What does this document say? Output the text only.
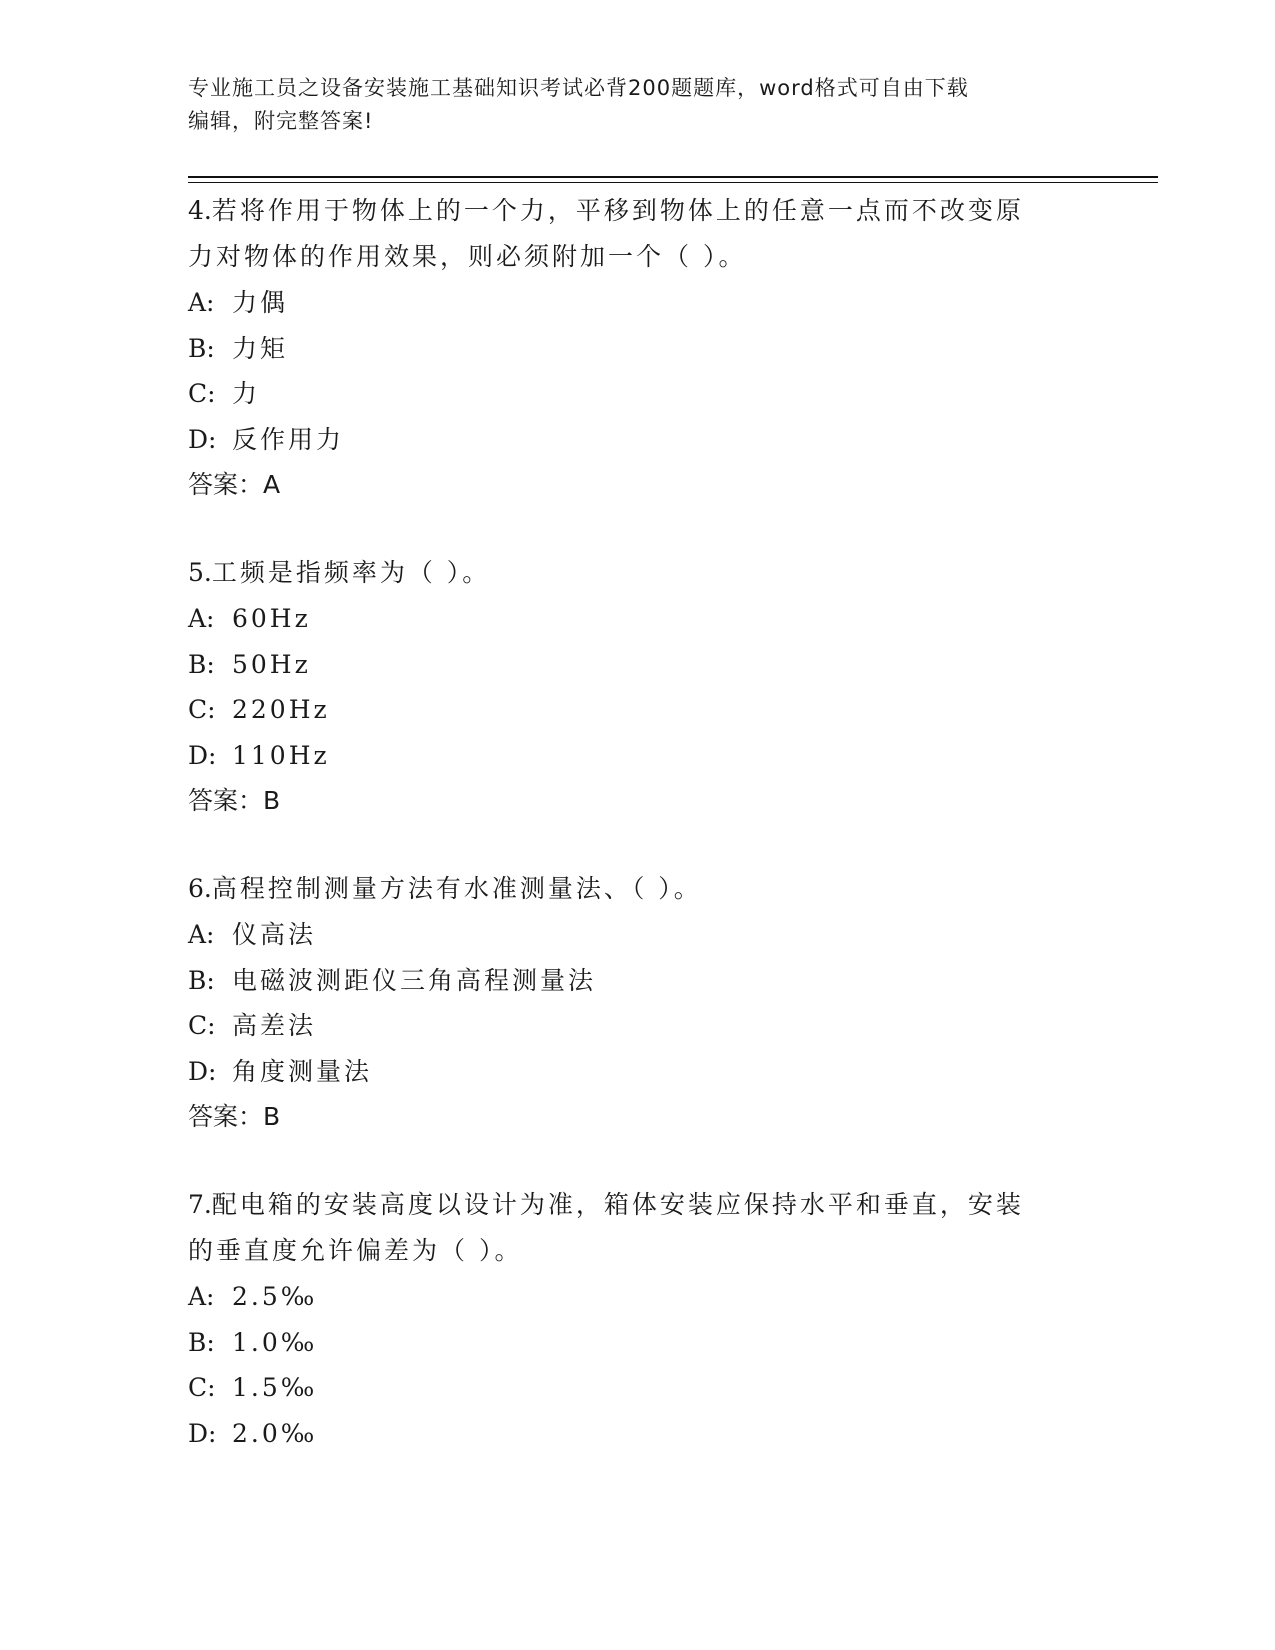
专业施工员之设备安装施工基础知识考试必背200题题库，word格式可自由下载
编辑，附完整答案!

4.若将作用于物体上的一个力，平移到物体上的任意一点而不改变原

力对物体的作用效果，则必须附加一个（ ）。

A: 力偶

B: 力矩

C: 力

D: 反作用力

答案：A

5.工频是指频率为（ ）。

A: 60Hz

B: 50Hz

C: 220Hz

D: 110Hz

答案：B

6.高程控制测量方法有水准测量法、（ ）。

A: 仪高法

B: 电磁波测距仪三角高程测量法

C: 高差法

D: 角度测量法

答案：B

7.配电箱的安装高度以设计为准，箱体安装应保持水平和垂直，安装

的垂直度允许偏差为（ ）。

A: 2.5‰

B: 1.0‰

C: 1.5‰

D: 2.0‰
